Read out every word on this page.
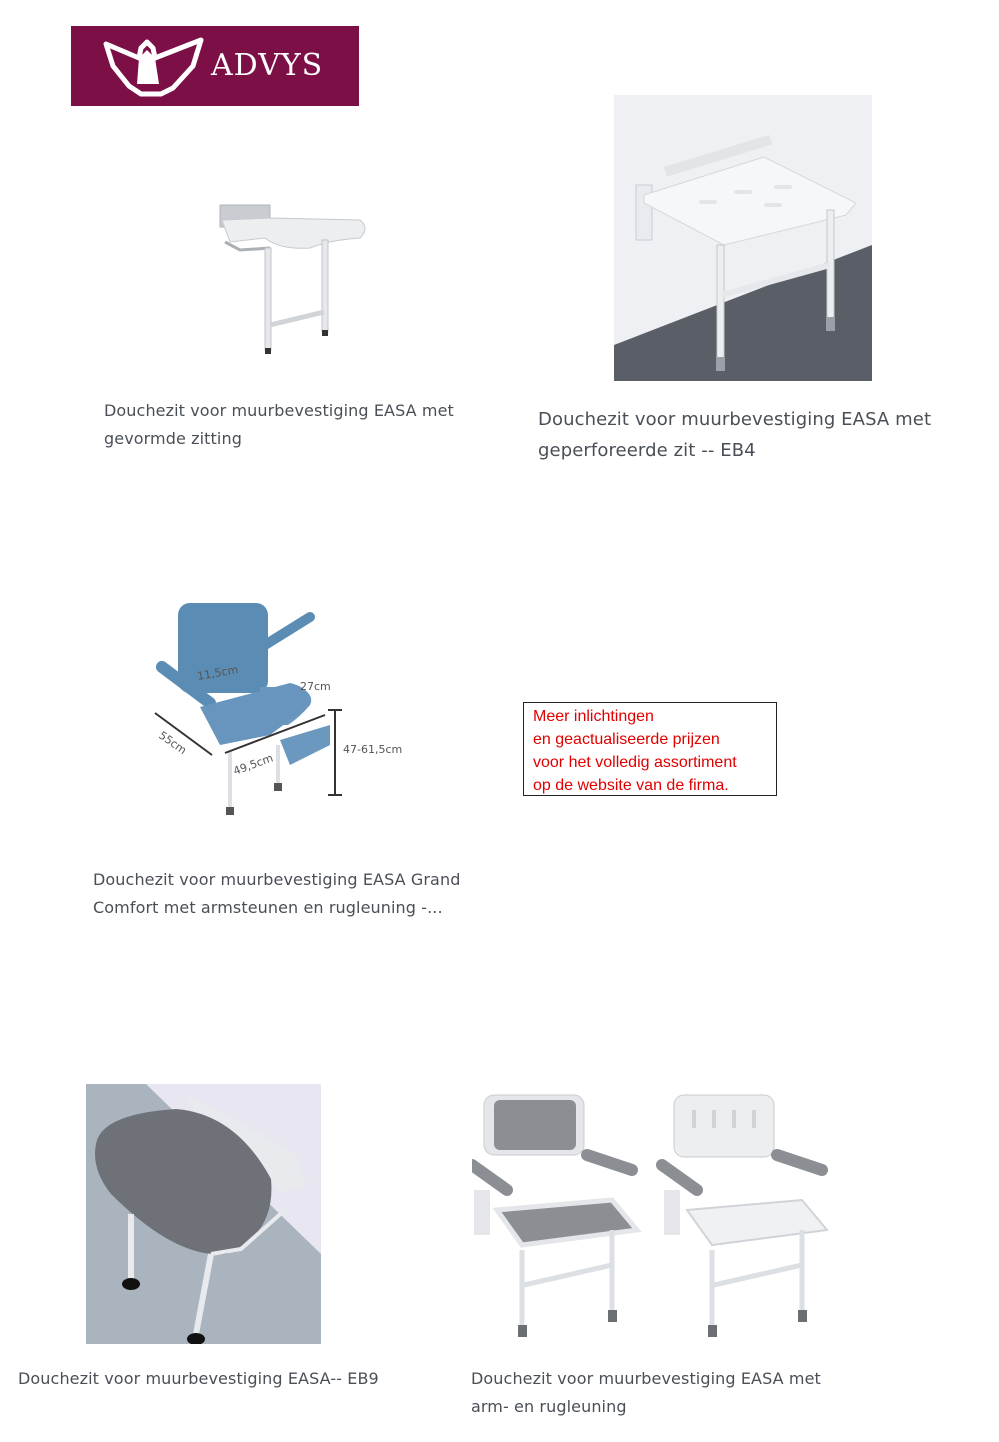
ADVYS
Douchezit voor muurbevestiging EASA met
gevormde zitting
Douchezit voor muurbevestiging EASA met
geperforeerde zit -- EB4
11,5cm
27cm
55cm
49,5cm
47-61,5cm
Douchezit voor muurbevestiging EASA Grand
Comfort met armsteunen en rugleuning -...
Meer inlichtingen
en geactualiseerde prijzen
voor het volledig assortiment
op de website van de firma.
Douchezit voor muurbevestiging EASA-- EB9	Douchezit voor muurbevestiging EASA met
arm- en rugleuning
